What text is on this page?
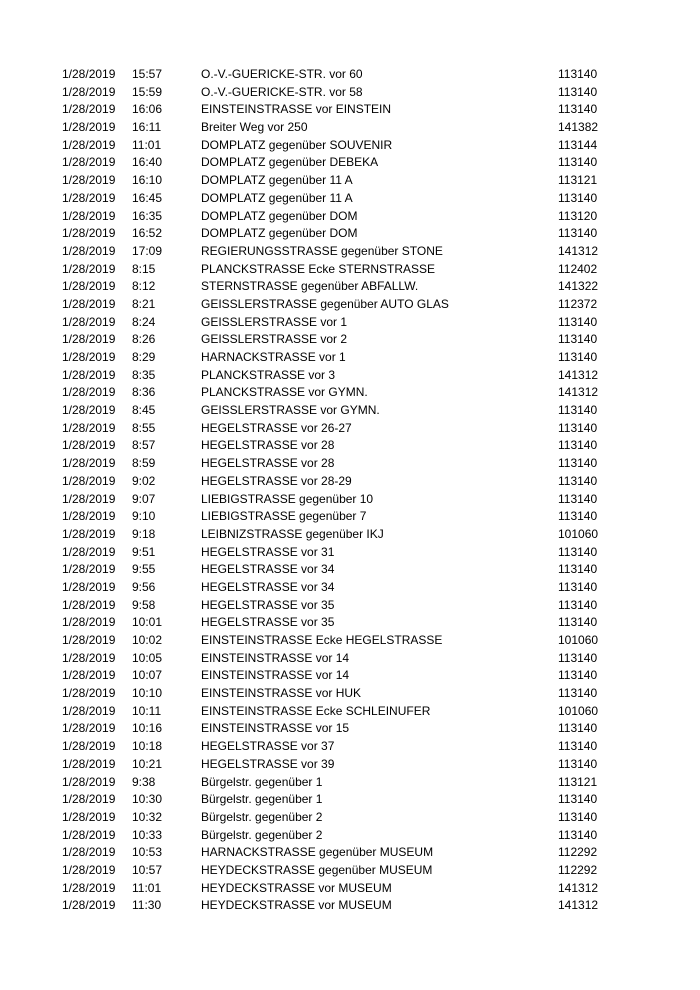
1/28/2019 15:57	O.-V.-GUERICKE-STR. vor 60	113140
1/28/2019 15:59	O.-V.-GUERICKE-STR. vor 58	113140
1/28/2019 16:06	EINSTEINSTRASSE vor EINSTEIN	113140
1/28/2019 16:11	Breiter Weg vor 250	141382
1/28/2019 11:01	DOMPLATZ gegenüber SOUVENIR	113144
1/28/2019 16:40	DOMPLATZ gegenüber DEBEKA	113140
1/28/2019 16:10	DOMPLATZ gegenüber 11 A	113121
1/28/2019 16:45	DOMPLATZ gegenüber 11 A	113140
1/28/2019 16:35	DOMPLATZ gegenüber DOM	113120
1/28/2019 16:52	DOMPLATZ gegenüber DOM	113140
1/28/2019 17:09	REGIERUNGSSTRASSE gegenüber STONE	141312
1/28/2019 8:15	PLANCKSTRASSE Ecke STERNSTRASSE	112402
1/28/2019 8:12	STERNSTRASSE gegenüber ABFALLW.	141322
1/28/2019 8:21	GEISSLERSTRASSE gegenüber AUTO GLAS	112372
1/28/2019 8:24	GEISSLERSTRASSE vor 1	113140
1/28/2019 8:26	GEISSLERSTRASSE vor 2	113140
1/28/2019 8:29	HARNACKSTRASSE vor 1	113140
1/28/2019 8:35	PLANCKSTRASSE vor 3	141312
1/28/2019 8:36	PLANCKSTRASSE vor GYMN.	141312
1/28/2019 8:45	GEISSLERSTRASSE vor GYMN.	113140
1/28/2019 8:55	HEGELSTRASSE vor 26-27	113140
1/28/2019 8:57	HEGELSTRASSE vor 28	113140
1/28/2019 8:59	HEGELSTRASSE vor 28	113140
1/28/2019 9:02	HEGELSTRASSE vor 28-29	113140
1/28/2019 9:07	LIEBIGSTRASSE gegenüber 10	113140
1/28/2019 9:10	LIEBIGSTRASSE gegenüber 7	113140
1/28/2019 9:18	LEIBNIZSTRASSE gegenüber IKJ	101060
1/28/2019 9:51	HEGELSTRASSE vor 31	113140
1/28/2019 9:55	HEGELSTRASSE vor 34	113140
1/28/2019 9:56	HEGELSTRASSE vor 34	113140
1/28/2019 9:58	HEGELSTRASSE vor 35	113140
1/28/2019 10:01	HEGELSTRASSE vor 35	113140
1/28/2019 10:02	EINSTEINSTRASSE Ecke HEGELSTRASSE	101060
1/28/2019 10:05	EINSTEINSTRASSE vor 14	113140
1/28/2019 10:07	EINSTEINSTRASSE vor 14	113140
1/28/2019 10:10	EINSTEINSTRASSE vor HUK	113140
1/28/2019 10:11	EINSTEINSTRASSE Ecke SCHLEINUFER	101060
1/28/2019 10:16	EINSTEINSTRASSE vor 15	113140
1/28/2019 10:18	HEGELSTRASSE vor 37	113140
1/28/2019 10:21	HEGELSTRASSE vor 39	113140
1/28/2019 9:38	Bürgelstr. gegenüber 1	113121
1/28/2019 10:30	Bürgelstr. gegenüber 1	113140
1/28/2019 10:32	Bürgelstr. gegenüber 2	113140
1/28/2019 10:33	Bürgelstr. gegenüber 2	113140
1/28/2019 10:53	HARNACKSTRASSE gegenüber MUSEUM	112292
1/28/2019 10:57	HEYDECKSTRASSE gegenüber MUSEUM	112292
1/28/2019 11:01	HEYDECKSTRASSE vor MUSEUM	141312
1/28/2019 11:30	HEYDECKSTRASSE vor MUSEUM	141312
